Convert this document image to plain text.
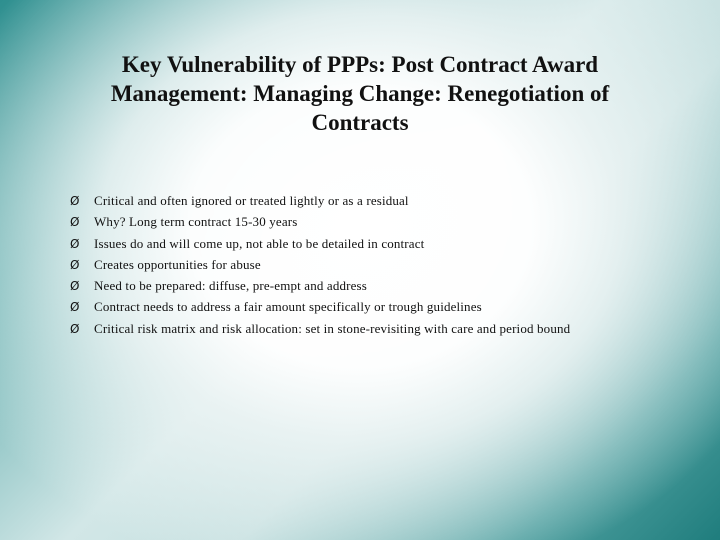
Key Vulnerability of PPPs: Post Contract Award Management: Managing Change: Renegotiation of Contracts
Ø	Critical and often ignored or treated lightly or as a residual
Ø	Why? Long term contract 15-30 years
Ø	Issues do and will come up, not able to be detailed in contract
Ø	Creates opportunities for abuse
Ø	Need to be prepared: diffuse, pre-empt and address
Ø	Contract needs to address a fair amount specifically or trough guidelines
Ø	Critical risk matrix and risk allocation: set in stone-revisiting with care and period bound
